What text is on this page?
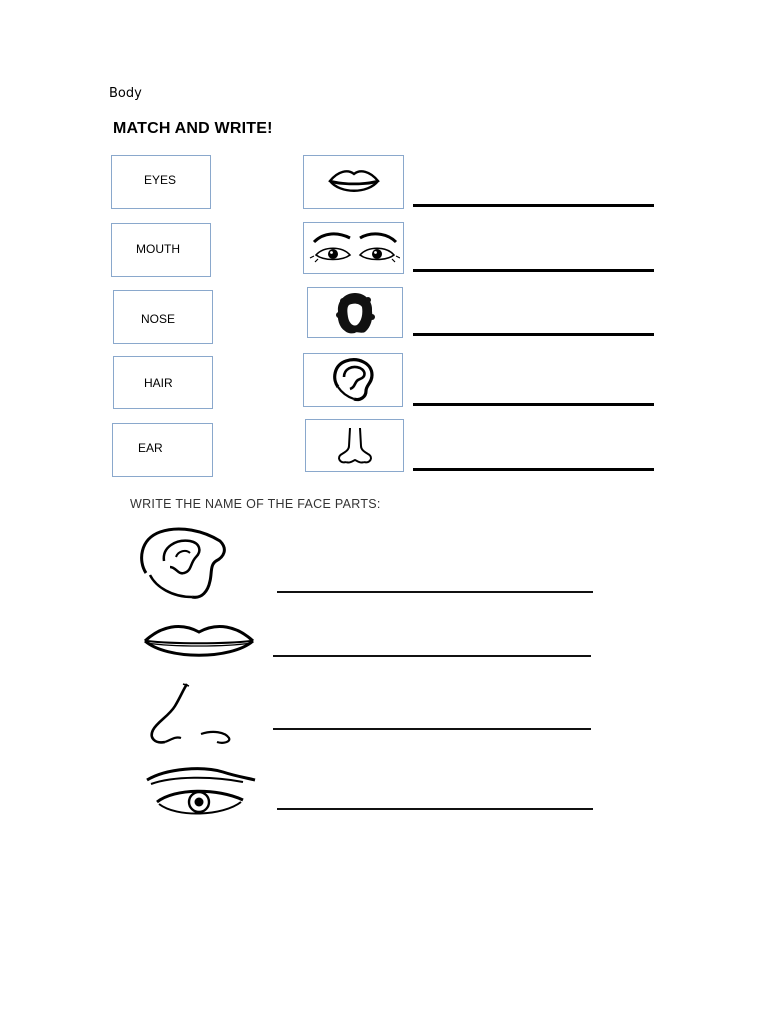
Body
MATCH AND WRITE!
EYES
MOUTH
NOSE
HAIR
EAR
WRITE THE NAME OF THE FACE PARTS:
